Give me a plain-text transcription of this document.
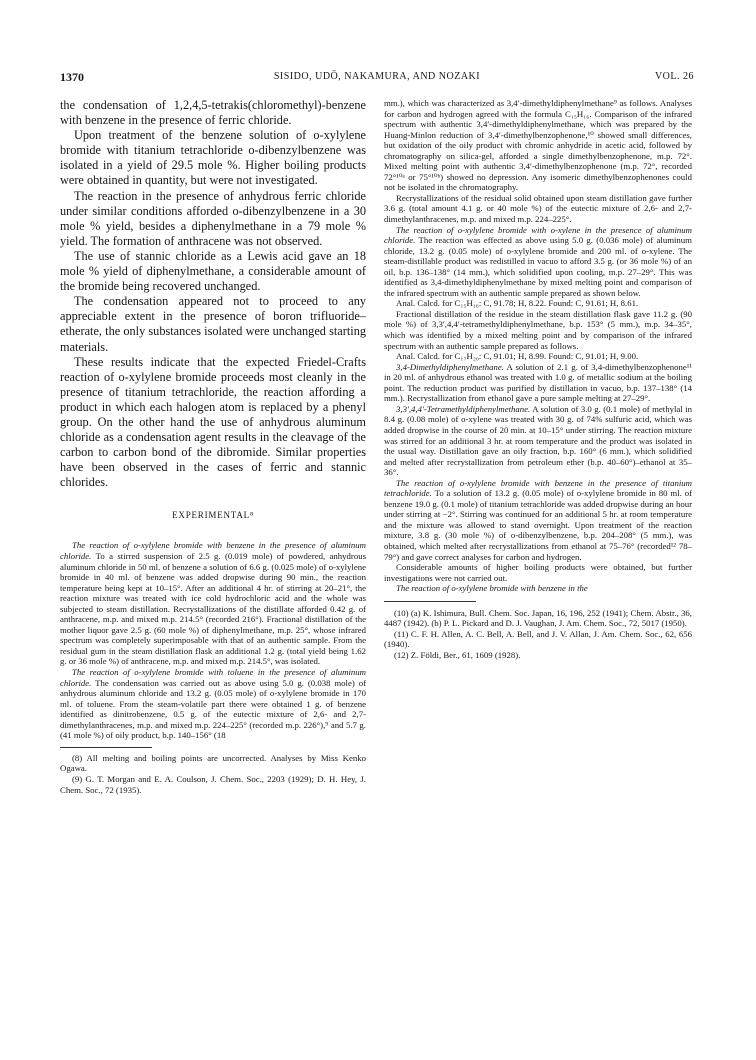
1370	SISIDO, UDŌ, NAKAMURA, AND NOZAKI	VOL. 26

the condensation of 1,2,4,5-tetrakis(chloromethyl)-benzene with benzene in the presence of ferric chloride.

Upon treatment of the benzene solution of o-xylylene bromide with titanium tetrachloride o-dibenzylbenzene was isolated in a yield of 29.5 mole %. Higher boiling products were obtained in quantity, but were not investigated.

The reaction in the presence of anhydrous ferric chloride under similar conditions afforded o-dibenzylbenzene in a 30 mole % yield, besides a diphenylmethane in a 79 mole % yield. The formation of anthracene was not observed.

The use of stannic chloride as a Lewis acid gave an 18 mole % yield of diphenylmethane, a considerable amount of the bromide being recovered unchanged.

The condensation appeared not to proceed to any appreciable extent in the presence of boron trifluoride–etherate, the only substances isolated were unchanged starting materials.

These results indicate that the expected Friedel-Crafts reaction of o-xylylene bromide proceeds most cleanly in the presence of titanium tetrachloride, the reaction affording a product in which each halogen atom is replaced by a phenyl group. On the other hand the use of anhydrous aluminum chloride as a condensation agent results in the cleavage of the carbon to carbon bond of the dibromide. Similar properties have been observed in the cases of ferric and stannic chlorides.

EXPERIMENTAL⁸

The reaction of o-xylylene bromide with benzene in the presence of aluminum chloride. To a stirred suspension of 2.5 g. (0.019 mole) of powdered, anhydrous aluminum chloride in 50 ml. of benzene a solution of 6.6 g. (0.025 mole) of o-xylylene bromide in 40 ml. of benzene was added dropwise during 90 min., the reaction temperature being kept at 10–15°. After an additional 4 hr. of stirring at 20–21°, the reaction mixture was treated with ice cold hydrochloric acid and the whole was subjected to steam distillation. Recrystallizations of the distillate afforded 0.42 g. of anthracene, m.p. and mixed m.p. 214.5° (recorded 216°). Fractional distillation of the mother liquor gave 2.5 g. (60 mole %) of diphenylmethane, m.p. 25°, whose infrared spectrum was completely superimposable with that of an authentic sample. From the residual gum in the steam distillation flask an additional 1.2 g. (total yield being 1.62 g. or 36 mole %) of anthracene, m.p. and mixed m.p. 214.5°, was isolated.

The reaction of o-xylylene bromide with toluene in the presence of aluminum chloride. The condensation was carried out as above using 5.0 g. (0.038 mole) of anhydrous aluminum chloride and 13.2 g. (0.05 mole) of o-xylylene bromide in 170 ml. of toluene. From the steam-volatile part there were obtained 1 g. of benzene identified as dinitrobenzene, 0.5 g. of the eutectic mixture of 2,6- and 2,7-dimethylanthracenes, m.p. and mixed m.p. 224–225° (recorded m.p. 226°),⁹ and 5.7 g. (41 mole %) of oily product, b.p. 140–156° (18

(8) All melting and boiling points are uncorrected. Analyses by Miss Kenko Ogawa.

(9) G. T. Morgan and E. A. Coulson, J. Chem. Soc., 2203 (1929); D. H. Hey, J. Chem. Soc., 72 (1935).

mm.), which was characterized as 3,4′-dimethyldiphenylmethane⁹ as follows. Analyses for carbon and hydrogen agreed with the formula C₁₅H₁₆. Comparison of the infrared spectrum with authentic 3,4′-dimethyldiphenylmethane, which was prepared by the Huang-Minlon reduction of 3,4′-dimethylbenzophenone,¹⁰ showed small differences, but oxidation of the oily product with chromic anhydride in acetic acid, followed by chromatography on silica-gel, afforded a single dimethylbenzophenone, m.p. 72°. Mixed melting point with authentic 3,4′-dimethylbenzophenone (m.p. 72°, recorded 72°¹⁰ᵃ or 75°¹⁰ᵇ) showed no depression. Any isomeric dimethylbenzophenones could not be isolated in the chromatography.

Recrystallizations of the residual solid obtained upon steam distillation gave further 3.6 g. (total amount 4.1 g. or 40 mole %) of the eutectic mixture of 2,6- and 2,7-dimethylanthracenes, m.p. and mixed m.p. 224–225°.

The reaction of o-xylylene bromide with o-xylene in the presence of aluminum chloride. The reaction was effected as above using 5.0 g. (0.036 mole) of aluminum chloride, 13.2 g. (0.05 mole) of o-xylylene bromide and 200 ml. of o-xylene. The steam-distillable product was redistilled in vacuo to afford 3.5 g. (or 36 mole %) of an oil, b.p. 136–138° (14 mm.), which solidified upon cooling, m.p. 27–29°. This was identified as 3,4-dimethyldiphenylmethane by mixed melting point and comparison of the infrared spectrum with an authentic sample prepared as shown below.

Anal. Calcd. for C₁₅H₁₆: C, 91.78; H, 8.22. Found: C, 91.61; H, 8.61.

Fractional distillation of the residue in the steam distillation flask gave 11.2 g. (90 mole %) of 3,3′,4,4′-tetramethyldiphenylmethane, b.p. 153° (5 mm.), m.p. 34–35°, which was identified by a mixed melting point and by comparison of the infrared spectrum with an authentic sample prepared as follows.

Anal. Calcd. for C₁₇H₂₀: C, 91.01; H, 8.99. Found: C, 91.01; H, 9.00.

3,4-Dimethyldiphenylmethane. A solution of 2.1 g. of 3,4-dimethylbenzophenone¹¹ in 20 ml. of anhydrous ethanol was treated with 1.0 g. of metallic sodium at the boiling point. The reduction product was purified by distillation in vacuo, b.p. 137–138° (14 mm.). Recrystallization from ethanol gave a pure sample melting at 27–29°.

3,3′,4,4′-Tetramethyldiphenylmethane. A solution of 3.0 g. (0.1 mole) of methylal in 8.4 g. (0.08 mole) of o-xylene was treated with 30 g. of 74% sulfuric acid, which was added dropwise in the course of 20 min. at 10–15° under stirring. The reaction mixture was stirred for an additional 3 hr. at room temperature and the product was isolated in the usual way. Distillation gave an oily fraction, b.p. 160° (6 mm.), which solidified and melted after recrystallization from petroleum ether (b.p. 40–60°)–ethanol at 35–36°.

The reaction of o-xylylene bromide with benzene in the presence of titanium tetrachloride. To a solution of 13.2 g. (0.05 mole) of o-xylylene bromide in 80 ml. of benzene 19.0 g. (0.1 mole) of titanium tetrachloride was added dropwise during an hour under stirring at −2°. Stirring was continued for an additional 5 hr. at room temperature and the mixture was allowed to stand overnight. Upon treatment of the reaction mixture, 3.8 g. (30 mole %) of o-dibenzylbenzene, b.p. 204–208° (5 mm.), was obtained, which melted after recrystallizations from ethanol at 75–76° (recorded¹² 78–79°) and gave correct analyses for carbon and hydrogen.

Considerable amounts of higher boiling products were obtained, but further investigations were not carried out.

The reaction of o-xylylene bromide with benzene in the

(10) (a) K. Ishimura, Bull. Chem. Soc. Japan, 16, 196, 252 (1941); Chem. Abstr., 36, 4487 (1942). (b) P. L. Pickard and D. J. Vaughan, J. Am. Chem. Soc., 72, 5017 (1950).

(11) C. F. H. Allen, A. C. Bell, A. Bell, and J. V. Allan, J. Am. Chem. Soc., 62, 656 (1940).

(12) Z. Földi, Ber., 61, 1609 (1928).
